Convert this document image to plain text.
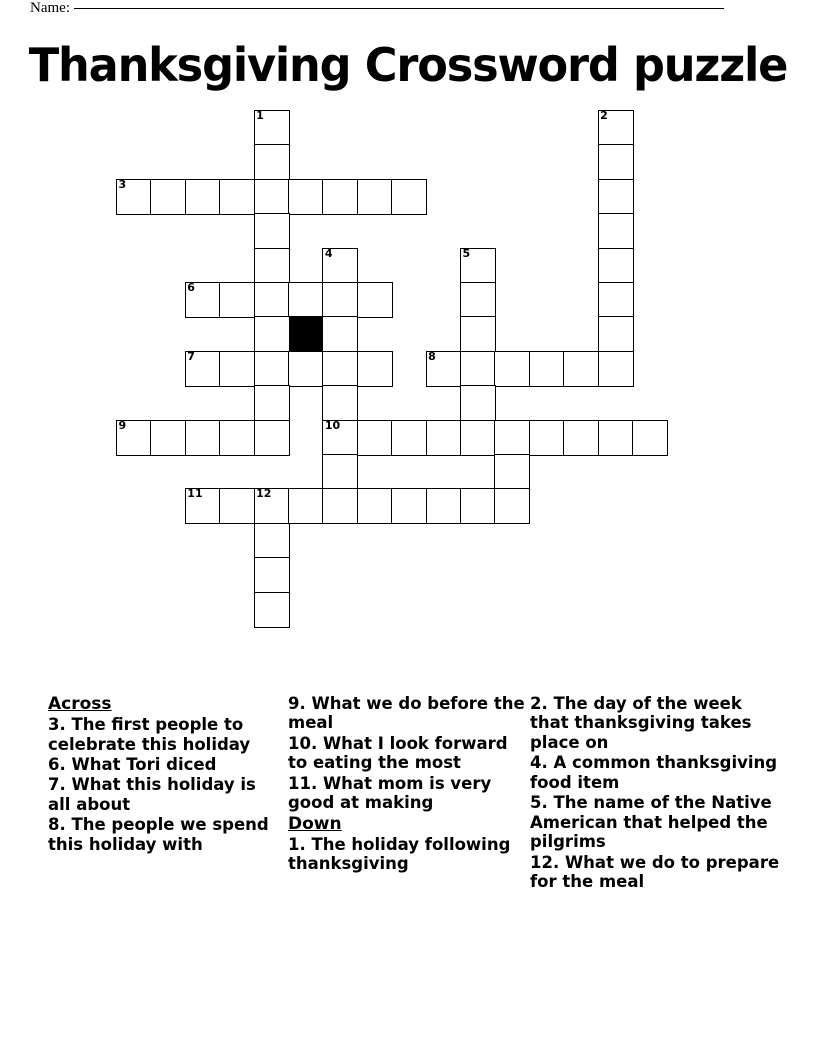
Name:
Thanksgiving Crossword puzzle
1	2
3
4	5
6
7	8
9	10
11	12
Across
3. The first people to celebrate this holiday
6. What Tori diced
7. What this holiday is all about
8. The people we spend this holiday with
9. What we do before the meal
10. What I look forward to eating the most
11. What mom is very good at making
Down
1. The holiday following thanksgiving
2. The day of the week that thanksgiving takes place on
4. A common thanksgiving food item
5. The name of the Native American that helped the pilgrims
12. What we do to prepare for the meal
